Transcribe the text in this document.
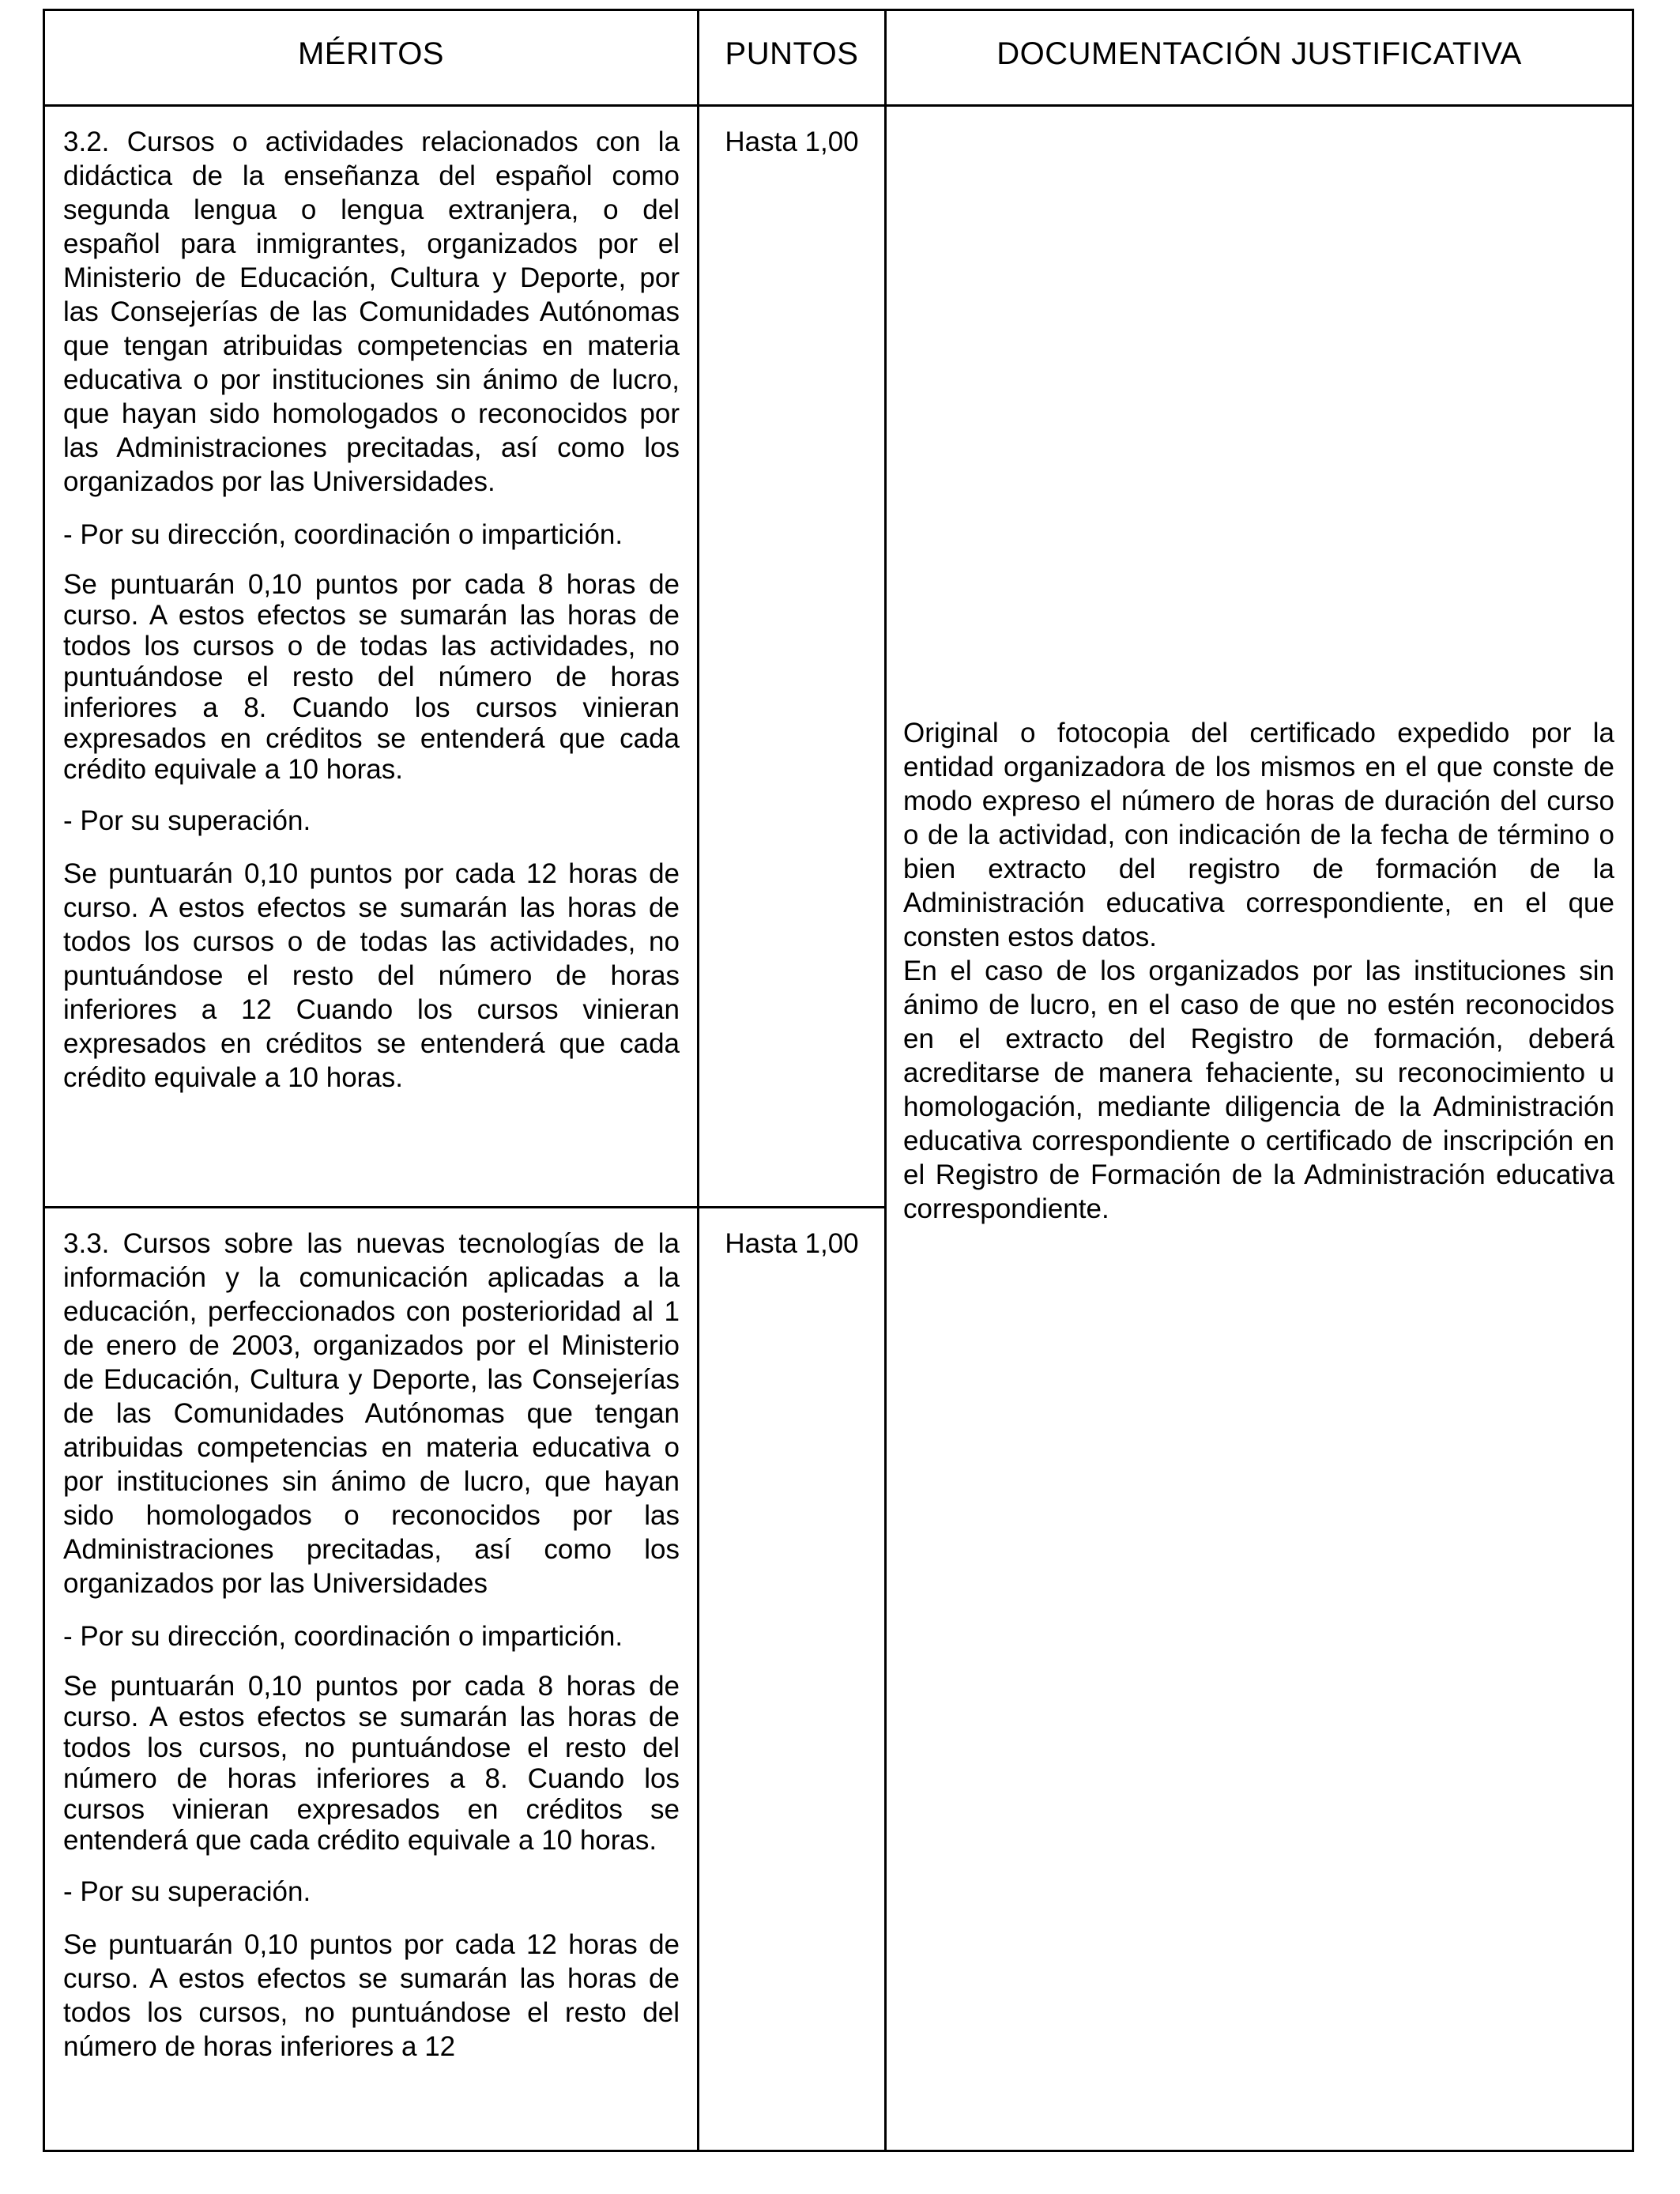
MÉRITOS	PUNTOS	DOCUMENTACIÓN JUSTIFICATIVA

3.2. Cursos o actividades relacionados con la didáctica de la enseñanza del español como segunda lengua o lengua extranjera, o del español para inmigrantes, organizados por el Ministerio de Educación, Cultura y Deporte, por las Consejerías de las Comunidades Autónomas que tengan atribuidas competencias en materia educativa o por instituciones sin ánimo de lucro, que hayan sido homologados o reconocidos por las Administraciones precitadas, así como los organizados por las Universidades.

- Por su dirección, coordinación o impartición.

Se puntuarán 0,10 puntos por cada 8 horas de curso. A estos efectos se sumarán las horas de todos los cursos o de todas las actividades, no puntuándose el resto del número de horas inferiores a 8. Cuando los cursos vinieran expresados en créditos se entenderá que cada crédito equivale a 10 horas.

- Por su superación.

Se puntuarán 0,10 puntos por cada 12 horas de curso. A estos efectos se sumarán las horas de todos los cursos o de todas las actividades, no puntuándose el resto del número de horas inferiores a 12 Cuando los cursos vinieran expresados en créditos se entenderá que cada crédito equivale a 10 horas.

Hasta 1,00

3.3. Cursos sobre las nuevas tecnologías de la información y la comunicación aplicadas a la educación, perfeccionados con posterioridad al 1 de enero de 2003, organizados por el Ministerio de Educación, Cultura y Deporte, las Consejerías de las Comunidades Autónomas que tengan atribuidas competencias en materia educativa o por instituciones sin ánimo de lucro, que hayan sido homologados o reconocidos por las Administraciones precitadas, así como los organizados por las Universidades

- Por su dirección, coordinación o impartición.

Se puntuarán 0,10 puntos por cada 8 horas de curso. A estos efectos se sumarán las horas de todos los cursos, no puntuándose el resto del número de horas inferiores a 8. Cuando los cursos vinieran expresados en créditos se entenderá que cada crédito equivale a 10 horas.

- Por su superación.

Se puntuarán 0,10 puntos por cada 12 horas de curso. A estos efectos se sumarán las horas de todos los cursos, no puntuándose el resto del número de horas inferiores a 12

Hasta 1,00

Original o fotocopia del certificado expedido por la entidad organizadora de los mismos en el que conste de modo expreso el número de horas de duración del curso o de la actividad, con indicación de la fecha de término o bien extracto del registro de formación de la Administración educativa correspondiente, en el que consten estos datos.

En el caso de los organizados por las instituciones sin ánimo de lucro, en el caso de que no estén reconocidos en el extracto del Registro de formación, deberá acreditarse de manera fehaciente, su reconocimiento u homologación, mediante diligencia de la Administración educativa correspondiente o certificado de inscripción en el Registro de Formación de la Administración educativa correspondiente.
